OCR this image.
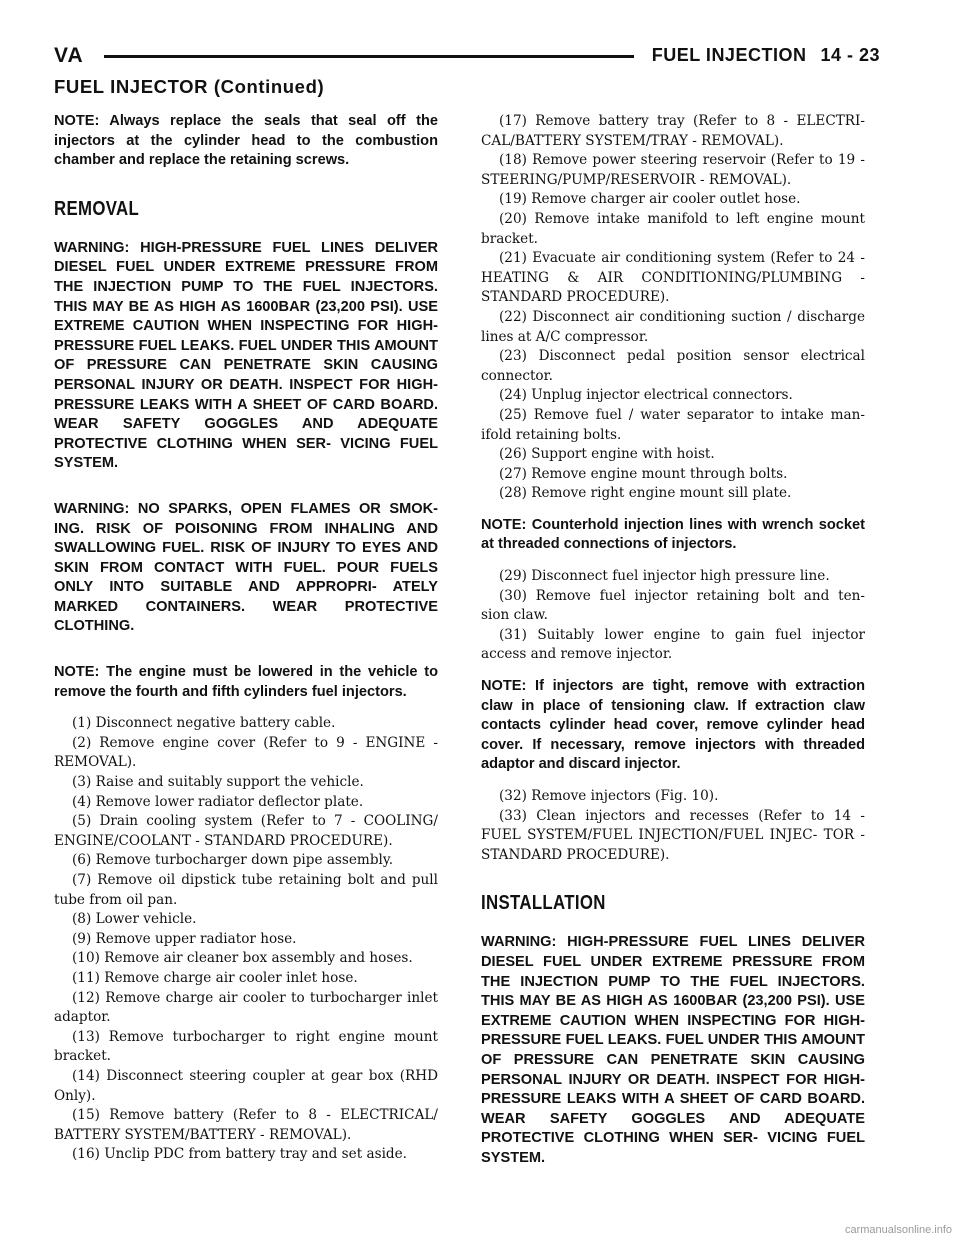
VA	FUEL INJECTION 14 - 23
FUEL INJECTOR (Continued)

NOTE: Always replace the seals that seal off the injectors at the cylinder head to the combustion chamber and replace the retaining screws.

REMOVAL

WARNING: HIGH-PRESSURE FUEL LINES DELIVER DIESEL FUEL UNDER EXTREME PRESSURE FROM THE INJECTION PUMP TO THE FUEL INJECTORS. THIS MAY BE AS HIGH AS 1600BAR (23,200 PSI). USE EXTREME CAUTION WHEN INSPECTING FOR HIGH-PRESSURE FUEL LEAKS. FUEL UNDER THIS AMOUNT OF PRESSURE CAN PENETRATE SKIN CAUSING PERSONAL INJURY OR DEATH. INSPECT FOR HIGH-PRESSURE LEAKS WITH A SHEET OF CARD BOARD. WEAR SAFETY GOGGLES AND ADEQUATE PROTECTIVE CLOTHING WHEN SER- VICING FUEL SYSTEM.

WARNING: NO SPARKS, OPEN FLAMES OR SMOK- ING. RISK OF POISONING FROM INHALING AND SWALLOWING FUEL. RISK OF INJURY TO EYES AND SKIN FROM CONTACT WITH FUEL. POUR FUELS ONLY INTO SUITABLE AND APPROPRI- ATELY MARKED CONTAINERS. WEAR PROTECTIVE CLOTHING.

NOTE: The engine must be lowered in the vehicle to remove the fourth and fifth cylinders fuel injectors.

(1) Disconnect negative battery cable.

(2) Remove engine cover (Refer to 9 - ENGINE - REMOVAL).

(3) Raise and suitably support the vehicle.

(4) Remove lower radiator deflector plate.

(5) Drain cooling system (Refer to 7 - COOLING/ ENGINE/COOLANT - STANDARD PROCEDURE).

(6) Remove turbocharger down pipe assembly.

(7) Remove oil dipstick tube retaining bolt and pull tube from oil pan.

(8) Lower vehicle.

(9) Remove upper radiator hose.

(10) Remove air cleaner box assembly and hoses.

(11) Remove charge air cooler inlet hose.

(12) Remove charge air cooler to turbocharger inlet adaptor.

(13) Remove turbocharger to right engine mount bracket.

(14) Disconnect steering coupler at gear box (RHD Only).

(15) Remove battery (Refer to 8 - ELECTRICAL/ BATTERY SYSTEM/BATTERY - REMOVAL).

(16) Unclip PDC from battery tray and set aside.

(17) Remove battery tray (Refer to 8 - ELECTRI- CAL/BATTERY SYSTEM/TRAY - REMOVAL).

(18) Remove power steering reservoir (Refer to 19 - STEERING/PUMP/RESERVOIR - REMOVAL).

(19) Remove charger air cooler outlet hose.

(20) Remove intake manifold to left engine mount bracket.

(21) Evacuate air conditioning system (Refer to 24 - HEATING & AIR CONDITIONING/PLUMBING - STANDARD PROCEDURE).

(22) Disconnect air conditioning suction / discharge lines at A/C compressor.

(23) Disconnect pedal position sensor electrical connector.

(24) Unplug injector electrical connectors.

(25) Remove fuel / water separator to intake man- ifold retaining bolts.

(26) Support engine with hoist.

(27) Remove engine mount through bolts.

(28) Remove right engine mount sill plate.

NOTE: Counterhold injection lines with wrench socket at threaded connections of injectors.

(29) Disconnect fuel injector high pressure line.

(30) Remove fuel injector retaining bolt and ten- sion claw.

(31) Suitably lower engine to gain fuel injector access and remove injector.

NOTE: If injectors are tight, remove with extraction claw in place of tensioning claw. If extraction claw contacts cylinder head cover, remove cylinder head cover. If necessary, remove injectors with threaded adaptor and discard injector.

(32) Remove injectors (Fig. 10).

(33) Clean injectors and recesses (Refer to 14 - FUEL SYSTEM/FUEL INJECTION/FUEL INJEC- TOR - STANDARD PROCEDURE).

INSTALLATION

WARNING: HIGH-PRESSURE FUEL LINES DELIVER DIESEL FUEL UNDER EXTREME PRESSURE FROM THE INJECTION PUMP TO THE FUEL INJECTORS. THIS MAY BE AS HIGH AS 1600BAR (23,200 PSI). USE EXTREME CAUTION WHEN INSPECTING FOR HIGH-PRESSURE FUEL LEAKS. FUEL UNDER THIS AMOUNT OF PRESSURE CAN PENETRATE SKIN CAUSING PERSONAL INJURY OR DEATH. INSPECT FOR HIGH-PRESSURE LEAKS WITH A SHEET OF CARD BOARD. WEAR SAFETY GOGGLES AND ADEQUATE PROTECTIVE CLOTHING WHEN SER- VICING FUEL SYSTEM.

carmanualsonline.info
